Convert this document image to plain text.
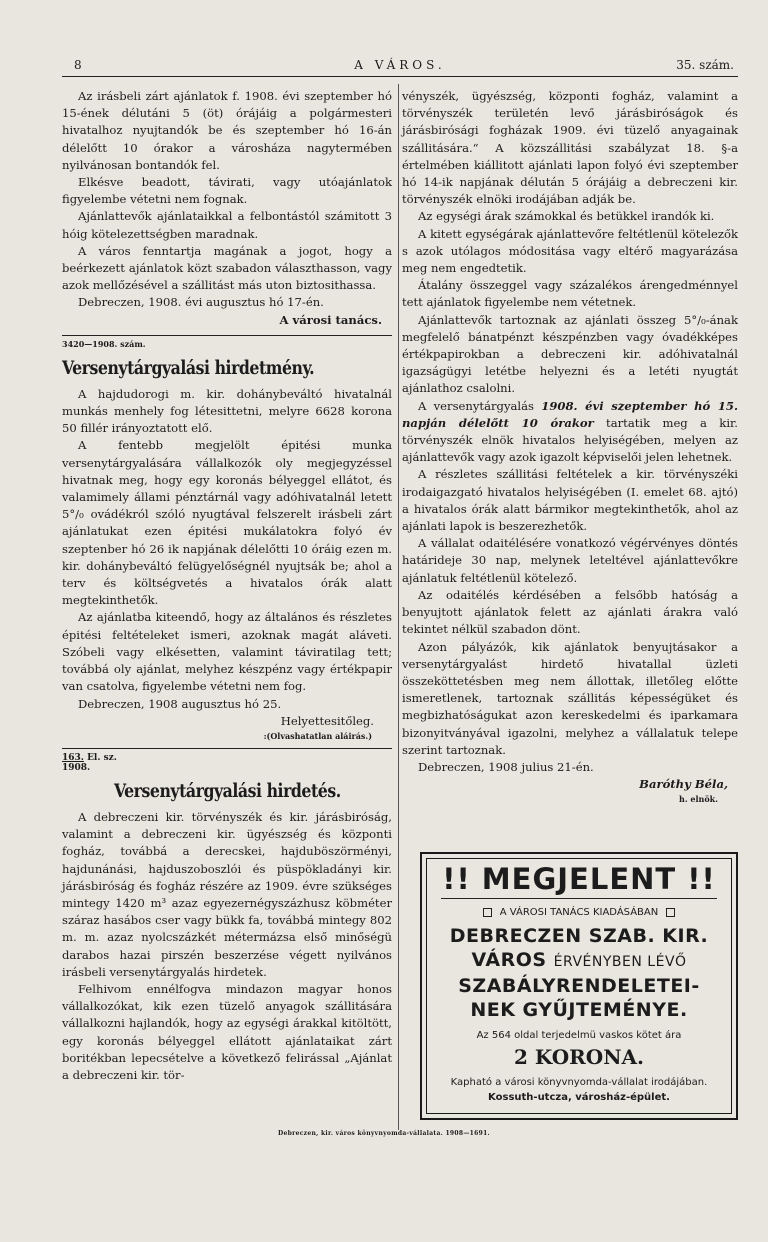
8	A VÁROS.	35. szám.

Az irásbeli zárt ajánlatok f. 1908. évi szeptember hó 15-ének délutáni 5 (öt) órájáig a polgármesteri hivatalhoz nyujtandók be és szeptember hó 16-án délelőtt 10 órakor a városháza nagytermében nyilvánosan bontandók fel.

Elkésve beadott, távirati, vagy utóajánlatok figyelembe vétetni nem fognak.

Ajánlattevők ajánlataikkal a felbontástól számitott 3 hóig kötelezettségben maradnak.

A város fenntartja magának a jogot, hogy a beérkezett ajánlatok közt szabadon választhasson, vagy azok mellőzésével a szállitást más uton biztosithassa.

Debreczen, 1908. évi augusztus hó 17-én.

A városi tanács.
3420—1908. szám.
Versenytárgyalási hirdetmény.

A hajdudorogi m. kir. dohánybeváltó hivatalnál munkás menhely fog létesittetni, melyre 6628 korona 50 fillér irányoztatott elő.

A fentebb megjelölt épitési munka versenytárgyalására vállalkozók oly megjegyzéssel hivatnak meg, hogy egy koronás bélyeggel ellátot, és valamimely állami pénztárnál vagy adóhivatalnál letett 5°/₀ ovádékról szóló nyugtával felszerelt irásbeli zárt ajánlatukat ezen épitési mukálatokra folyó év szeptenber hó 26 ik napjának délelőtti 10 óráig ezen m. kir. dohánybeváltó felügyelőségnél nyujtsák be; ahol a terv és költségvetés a hivatalos órák alatt megtekinthetők.

Az ajánlatba kiteendő, hogy az általános és részletes épitési feltételeket ismeri, azoknak magát aláveti. Szóbeli vagy elkésetten, valamint táviratilag tett; továbbá oly ajánlat, melyhez készpénz vagy értékpapir van csatolva, figyelembe vétetni nem fog.

Debreczen, 1908 augusztus hó 25.

Helyettesitőleg.
:(Olvashatatlan aláirás.)
163. El. sz.
1908.
Versenytárgyalási hirdetés.

A debreczeni kir. törvényszék és kir. járásbiróság, valamint a debreczeni kir. ügyészség és központi fogház, továbbá a derecskei, hajduböszörményi, hajdunánási, hajduszoboszlói és püspökladányi kir. járásbiróság és fogház részére az 1909. évre szükséges mintegy 1420 m³ azaz egyezernégyszázhusz köbméter száraz hasábos cser vagy bükk fa, továbbá mintegy 802 m. m. azaz nyolcszázkét métermázsa első minőségü darabos hazai pirszén beszerzése végett nyilvános irásbeli versenytárgyalás hirdetek.

Felhivom ennélfogva mindazon magyar honos vállalkozókat, kik ezen tüzelő anyagok szállitására vállalkozni hajlandók, hogy az egységi árakkal kitöltött, egy koronás bélyeggel ellátott ajánlataikat zárt boritékban lepecsételve a következő felirással „Ajánlat a debreczeni kir. tör-

vényszék, ügyészség, központi fogház, valamint a törvényszék területén levő járásbiróságok és járásbirósági fogházak 1909. évi tüzelő anyagainak szállitására.“ A közszállitási szabályzat 18. §-a értelmében kiállitott ajánlati lapon folyó évi szeptember hó 14-ik napjának délután 5 órájáig a debreczeni kir. törvényszék elnöki irodájában adják be.

Az egységi árak számokkal és betükkel irandók ki.

A kitett egységárak ajánlattevőre feltétlenül kötelezők s azok utólagos módositása vagy eltérő magyarázása meg nem engedtetik.

Átalány összeggel vagy százalékos árengedménnyel tett ajánlatok figyelembe nem vétetnek.

Ajánlattevők tartoznak az ajánlati összeg 5°/₀-ának megfelelő bánatpénzt készpénzben vagy óvadékképes értékpapirokban a debreczeni kir. adóhivatalnál igazságügyi letétbe helyezni és a letéti nyugtát ajánlathoz csalolni.

A versenytárgyalás 1908. évi szeptember hó 15. napján délelőtt 10 órakor tartatik meg a kir. törvényszék elnök hivatalos helyiségében, melyen az ajánlattevők vagy azok igazolt képviselői jelen lehetnek.

A részletes szállitási feltételek a kir. törvényszéki irodaigazgató hivatalos helyiségében (I. emelet 68. ajtó) a hivatalos órák alatt bármikor megtekinthetők, ahol az ajánlati lapok is beszerezhetők.

A vállalat odaitélésére vonatkozó végérvényes döntés határideje 30 nap, melynek leteltével ajánlattevőkre ajánlatuk feltétlenül kötelező.

Az odaitélés kérdésében a felsőbb hatóság a benyujtott ajánlatok felett az ajánlati árakra való tekintet nélkül szabadon dönt.

Azon pályázók, kik ajánlatok benyujtásakor a versenytárgyalást hirdető hivatallal üzleti összeköttetésben meg nem állottak, illetőleg előtte ismeretlenek, tartoznak szállitás képességüket és megbizhatóságukat azon kereskedelmi és iparkamara bizonyitványával igazolni, melyhez a vállalatuk telepe szerint tartoznak.

Debreczen, 1908 julius 21-én.

Baróthy Béla,
h. elnök.
!! MEGJELENT !!
A VÁROSI TANÁCS KIADÁSÁBAN
DEBRECZEN SZAB. KIR.
VÁROS ÉRVÉNYBEN LÉVŐ
SZABÁLYRENDELETEI-
NEK GYŰJTEMÉNYE.
Az 564 oldal terjedelmü vaskos kötet ára
2 KORONA.
Kapható a városi könyvnyomda-vállalat irodájában.
Kossuth-utcza, városház-épület.
Debreczen, kir. város könyvnyomda-vállalata. 1908—1691.
